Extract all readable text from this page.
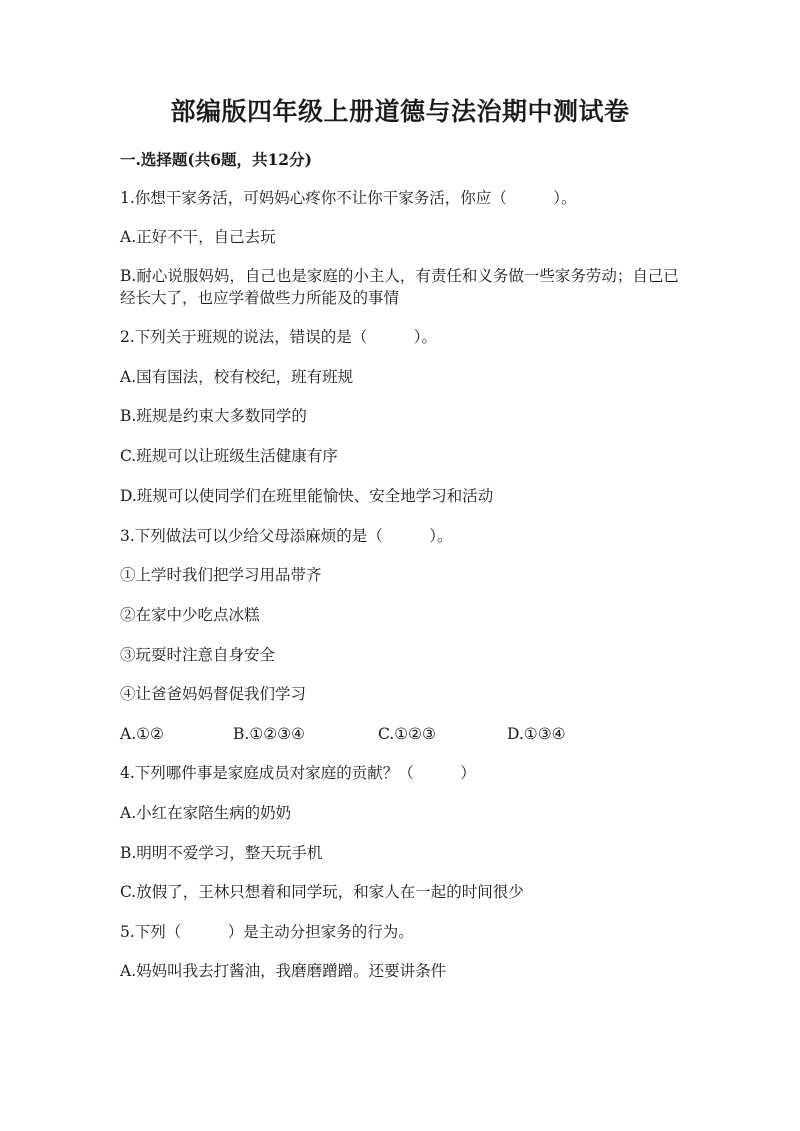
部编版四年级上册道德与法治期中测试卷

一.选择题(共6题，共12分)

1.你想干家务活，可妈妈心疼你不让你干家务活，你应（　　　）。

A.正好不干，自己去玩

B.耐心说服妈妈，自己也是家庭的小主人，有责任和义务做一些家务劳动；自己已经长大了，也应学着做些力所能及的事情

2.下列关于班规的说法，错误的是（　　　）。

A.国有国法，校有校纪，班有班规

B.班规是约束大多数同学的

C.班规可以让班级生活健康有序

D.班规可以使同学们在班里能愉快、安全地学习和活动

3.下列做法可以少给父母添麻烦的是（　　　）。

①上学时我们把学习用品带齐

②在家中少吃点冰糕

③玩耍时注意自身安全

④让爸爸妈妈督促我们学习

A.①②	B.①②③④	C.①②③	D.①③④

4.下列哪件事是家庭成员对家庭的贡献？（　　　）

A.小红在家陪生病的奶奶

B.明明不爱学习，整天玩手机

C.放假了，王林只想着和同学玩，和家人在一起的时间很少

5.下列（　　　）是主动分担家务的行为。

A.妈妈叫我去打酱油，我磨磨蹭蹭。还要讲条件
